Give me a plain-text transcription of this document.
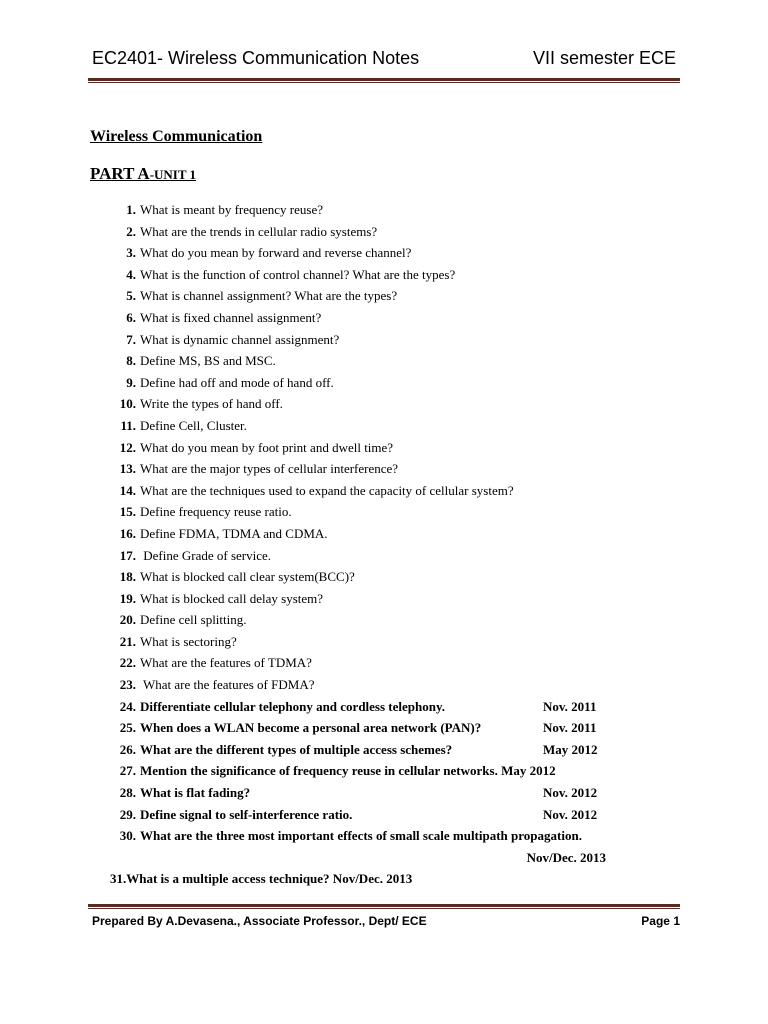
EC2401- Wireless Communication Notes	VII semester ECE
Wireless Communication
PART A-UNIT 1
1. What is meant by frequency reuse?
2. What are the trends in cellular radio systems?
3. What do you mean by forward and reverse channel?
4. What is the function of control channel? What are the types?
5. What is channel assignment? What are the types?
6. What is fixed channel assignment?
7. What is dynamic channel assignment?
8. Define MS, BS and MSC.
9. Define had off and mode of hand off.
10. Write the types of hand off.
11. Define Cell, Cluster.
12. What do you mean by foot print and dwell time?
13. What are the major types of cellular interference?
14. What are the techniques used to expand the capacity of cellular system?
15. Define frequency reuse ratio.
16. Define FDMA, TDMA and CDMA.
17. Define Grade of service.
18. What is blocked call clear system(BCC)?
19. What is blocked call delay system?
20. Define cell splitting.
21. What is sectoring?
22. What are the features of TDMA?
23. What are the features of FDMA?
24. Differentiate cellular telephony and cordless telephony.	Nov. 2011
25. When does a WLAN become a personal area network (PAN)?	Nov. 2011
26. What are the different types of multiple access schemes?	May 2012
27. Mention the significance of frequency reuse in cellular networks. May 2012
28. What is flat fading?	Nov. 2012
29. Define signal to self-interference ratio.	Nov. 2012
30. What are the three most important effects of small scale multipath propagation.
Nov/Dec. 2013
31.What is a multiple access technique? Nov/Dec. 2013
Prepared By A.Devasena., Associate Professor., Dept/ ECE	Page 1
